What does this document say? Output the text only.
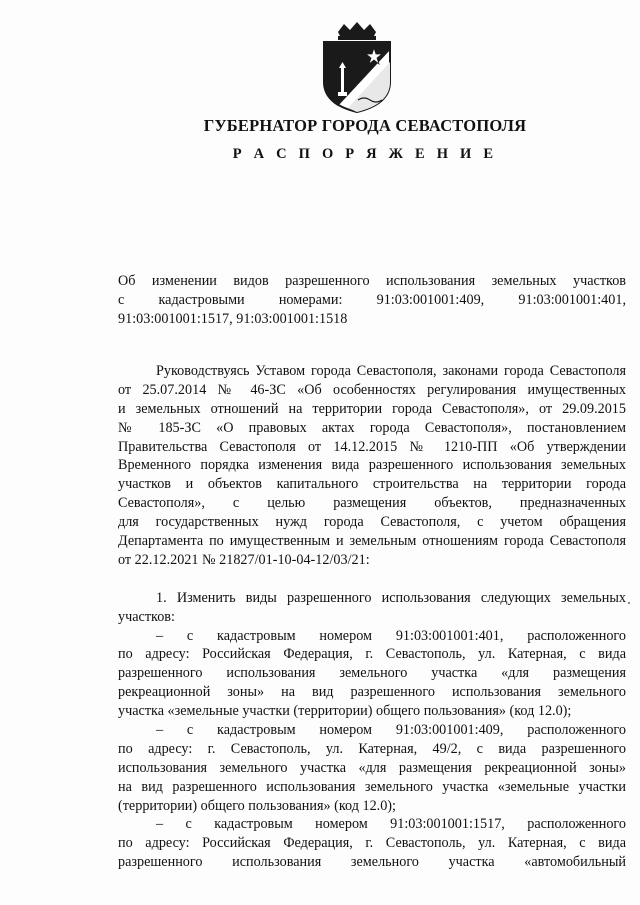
ГУБЕРНАТОР ГОРОДА СЕВАСТОПОЛЯ
Р А С П О Р Я Ж Е Н И Е
Об изменении видов разрешенного использования земельных участков
с кадастровыми номерами: 91:03:001001:409, 91:03:001001:401,
91:03:001001:1517, 91:03:001001:1518
Руководствуясь Уставом города Севастополя, законами города Севастополя
от 25.07.2014 № 46-ЗС «Об особенностях регулирования имущественных
и земельных отношений на территории города Севастополя», от 29.09.2015
№ 185-ЗС «О правовых актах города Севастополя», постановлением
Правительства Севастополя от 14.12.2015 № 1210-ПП «Об утверждении
Временного порядка изменения вида разрешенного использования земельных
участков и объектов капитального строительства на территории города
Севастополя», с целью размещения объектов, предназначенных
для государственных нужд города Севастополя, с учетом обращения
Департамента по имущественным и земельным отношениям города Севастополя
от 22.12.2021 № 21827/01-10-04-12/03/21:
1. Изменить виды разрешенного использования следующих земельных
участков:
– с кадастровым номером 91:03:001001:401, расположенного
по адресу: Российская Федерация, г. Севастополь, ул. Катерная, с вида
разрешенного использования земельного участка «для размещения
рекреационной зоны» на вид разрешенного использования земельного
участка «земельные участки (территории) общего пользования» (код 12.0);
– с кадастровым номером 91:03:001001:409, расположенного
по адресу: г. Севастополь, ул. Катерная, 49/2, с вида разрешенного
использования земельного участка «для размещения рекреационной зоны»
на вид разрешенного использования земельного участка «земельные участки
(территории) общего пользования» (код 12.0);
– с кадастровым номером 91:03:001001:1517, расположенного
по адресу: Российская Федерация, г. Севастополь, ул. Катерная, с вида
разрешенного использования земельного участка «автомобильный
